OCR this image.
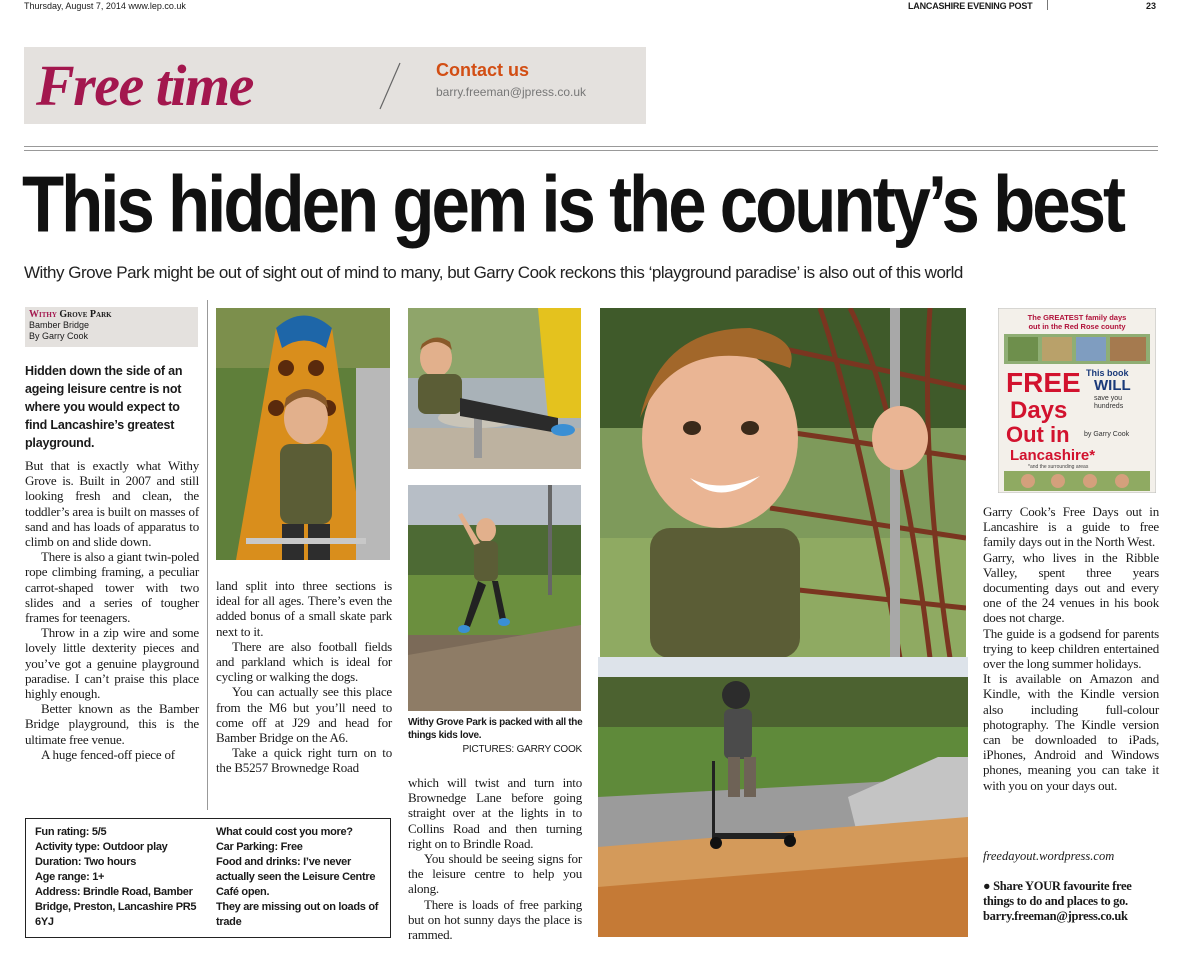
Thursday, August 7, 2014 www.lep.co.uk	LANCASHIRE EVENING POST	23
Free time	Contact us
barry.freeman@jpress.co.uk
This hidden gem is the county’s best
Withy Grove Park might be out of sight out of mind to many, but Garry Cook reckons this ‘playground paradise’ is also out of this world
Withy Grove Park
Bamber Bridge
By Garry Cook
Hidden down the side of an ageing leisure centre is not where you would expect to find Lancashire’s greatest playground.

But that is exactly what Withy Grove is. Built in 2007 and still looking fresh and clean, the toddler’s area is built on masses of sand and has loads of apparatus to climb on and slide down.

There is also a giant twin-poled rope climbing framing, a peculiar carrot-shaped tower with two slides and a series of tougher frames for teenagers.

Throw in a zip wire and some lovely little dexterity pieces and you’ve got a genuine playground paradise. I can’t praise this place highly enough.

Better known as the Bamber Bridge playground, this is the ultimate free venue.

A huge fenced-off piece of

land split into three sections is ideal for all ages. There’s even the added bonus of a small skate park next to it.

There are also football fields and parkland which is ideal for cycling or walking the dogs.

You can actually see this place from the M6 but you’ll need to come off at J29 and head for Bamber Bridge on the A6.

Take a quick right turn on to the B5257 Brownedge Road

which will twist and turn into Brownedge Lane before going straight over at the lights in to Collins Road and then turning right on to Brindle Road.

You should be seeing signs for the leisure centre to help you along.

There is loads of free parking but on hot sunny days the place is rammed.

Withy Grove Park is packed with all the things kids love.
PICTURES: GARRY COOK
Fun rating: 5/5
Activity type: Outdoor play
Duration: Two hours
Age range: 1+
Address: Brindle Road, Bamber Bridge, Preston, Lancashire PR5 6YJ
What could cost you more?
Car Parking: Free
Food and drinks: I’ve never actually seen the Leisure Centre Café open.
They are missing out on loads of trade
The GREATEST family days
out in the Red Rose county
FREE This book
WILL
save you
hundreds
Days
Out in by Garry Cook
Lancashire*
*and the surrounding areas
Garry Cook’s Free Days out in Lancashire is a guide to free family days out in the North West.
Garry, who lives in the Ribble Valley, spent three years documenting days out and every one of the 24 venues in his book does not charge.
The guide is a godsend for parents trying to keep children entertained over the long summer holidays.
It is available on Amazon and Kindle, with the Kindle version also including full-colour photography. The Kindle version can be downloaded to iPads, iPhones, Android and Windows phones, meaning you can take it with you on your days out.
freedayout.wordpress.com
● Share YOUR favourite free things to do and places to go. barry.freeman@jpress.co.uk
